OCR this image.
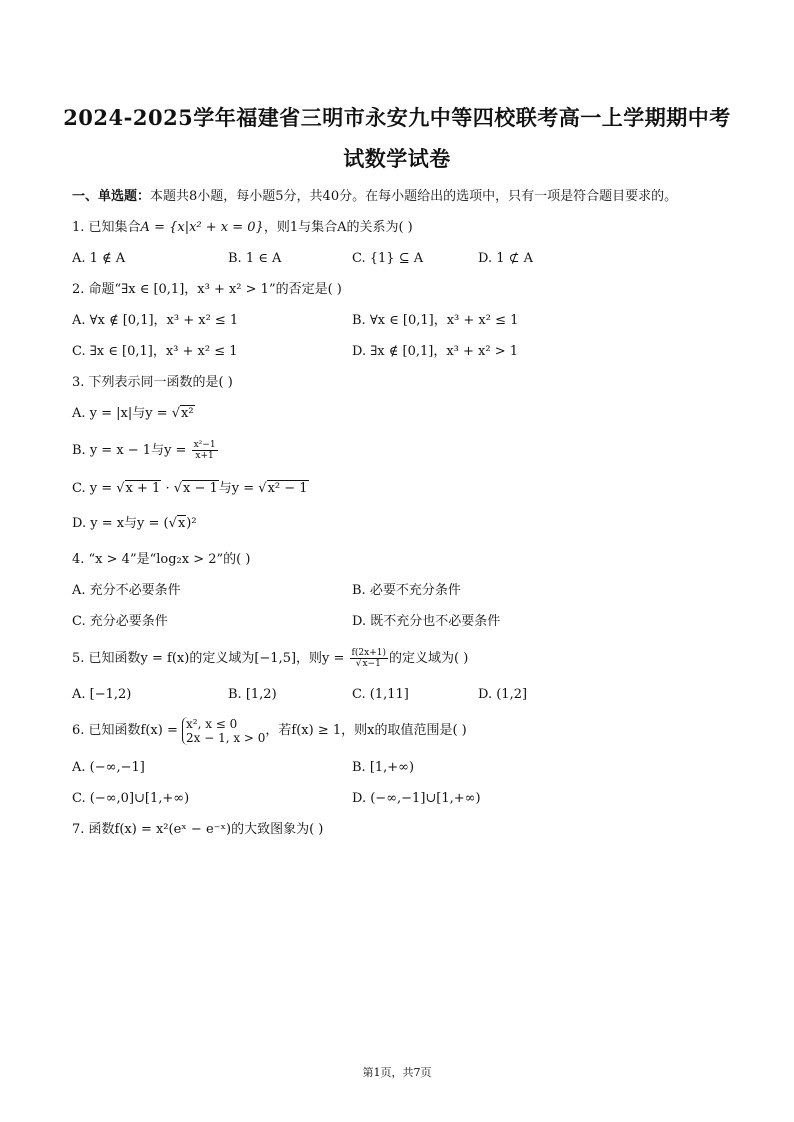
2024-2025学年福建省三明市永安九中等四校联考高一上学期期中考
试数学试卷
一、单选题：本题共8小题，每小题5分，共40分。在每小题给出的选项中，只有一项是符合题目要求的。
1. 已知集合A = {x|x² + x = 0}，则1与集合A的关系为( )
A. 1 ∉ A	B. 1 ∈ A	C. {1} ⊆ A	D. 1 ⊄ A
2. 命题“∃x ∈ [0,1]，x³ + x² > 1”的否定是( )
A. ∀x ∉ [0,1]，x³ + x² ≤ 1	B. ∀x ∈ [0,1]，x³ + x² ≤ 1
C. ∃x ∈ [0,1]，x³ + x² ≤ 1	D. ∃x ∉ [0,1]，x³ + x² > 1
3. 下列表示同一函数的是( )
A. y = |x|与y = √x²
B. y = x − 1与$y = \frac{\text{x²−1}}{x+1}$
C. y = √x + 1 · √x − 1与y = √x² − 1
D. y = x与y = (√x)²
4. “x > 4”是“log₂x > 2”的( )
A. 充分不必要条件	B. 必要不充分条件
C. 充分必要条件	D. 既不充分也不必要条件
5. 已知函数y = f(x)的定义域为[−1,5]，则$y = \frac{f(2x+1)}{√x-1}$ 的定义域为( )
A. [−1,2)	B. [1,2)	C. (1,11]	D. (1,2]
6. 已知函数f(x) = x², x ≤ 0
2x − 1, x > 0 ，若f(x) ≥ 1，则x的取值范围是( )
A. (−∞,−1]	B. [1,+∞)
C. (−∞,0]∪[1,+∞)	D. (−∞,−1]∪[1,+∞)
7. 函数f(x) = x²(eˣ − e⁻ˣ)的大致图象为( )
第1页，共7页
